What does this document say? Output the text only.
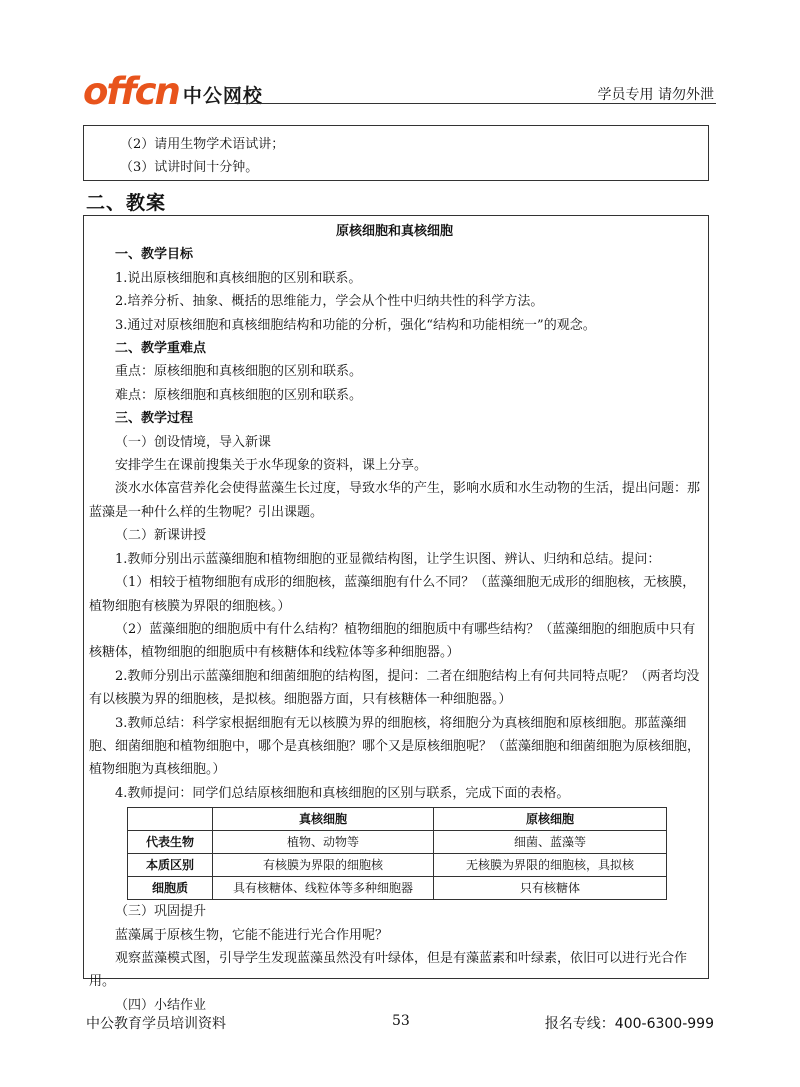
offcn 中公网校	学员专用 请勿外泄

（2）请用生物学术语试讲；

（3）试讲时间十分钟。

二、教案

原核细胞和真核细胞

一、教学目标

1.说出原核细胞和真核细胞的区别和联系。

2.培养分析、抽象、概括的思维能力，学会从个性中归纳共性的科学方法。

3.通过对原核细胞和真核细胞结构和功能的分析，强化“结构和功能相统一”的观念。

二、教学重难点

重点：原核细胞和真核细胞的区别和联系。

难点：原核细胞和真核细胞的区别和联系。

三、教学过程

（一）创设情境，导入新课

安排学生在课前搜集关于水华现象的资料，课上分享。

淡水水体富营养化会使得蓝藻生长过度，导致水华的产生，影响水质和水生动物的生活，提出问题：那蓝藻是一种什么样的生物呢？引出课题。

（二）新课讲授

1.教师分别出示蓝藻细胞和植物细胞的亚显微结构图，让学生识图、辨认、归纳和总结。提问：

（1）相较于植物细胞有成形的细胞核，蓝藻细胞有什么不同？（蓝藻细胞无成形的细胞核，无核膜，植物细胞有核膜为界限的细胞核。）

（2）蓝藻细胞的细胞质中有什么结构？植物细胞的细胞质中有哪些结构？（蓝藻细胞的细胞质中只有核糖体，植物细胞的细胞质中有核糖体和线粒体等多种细胞器。）

2.教师分别出示蓝藻细胞和细菌细胞的结构图，提问：二者在细胞结构上有何共同特点呢？（两者均没有以核膜为界的细胞核，是拟核。细胞器方面，只有核糖体一种细胞器。）

3.教师总结：科学家根据细胞有无以核膜为界的细胞核，将细胞分为真核细胞和原核细胞。那蓝藻细胞、细菌细胞和植物细胞中，哪个是真核细胞？哪个又是原核细胞呢？（蓝藻细胞和细菌细胞为原核细胞，植物细胞为真核细胞。）

4.教师提问：同学们总结原核细胞和真核细胞的区别与联系，完成下面的表格。

	真核细胞	原核细胞
代表生物	植物、动物等	细菌、蓝藻等
本质区别	有核膜为界限的细胞核	无核膜为界限的细胞核，具拟核
细胞质	具有核糖体、线粒体等多种细胞器	只有核糖体

（三）巩固提升

蓝藻属于原核生物，它能不能进行光合作用呢？

观察蓝藻模式图，引导学生发现蓝藻虽然没有叶绿体，但是有藻蓝素和叶绿素，依旧可以进行光合作用。

（四）小结作业

中公教育学员培训资料	53	报名专线：400-6300-999
